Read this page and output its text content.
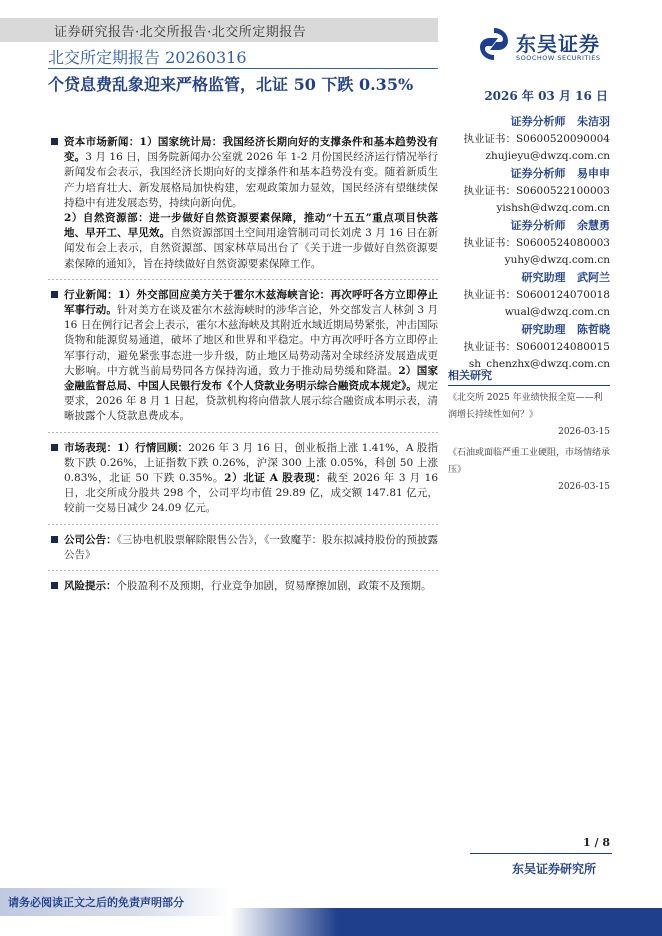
证券研究报告·北交所报告·北交所定期报告
北交所定期报告 20260316
东吴证券
SOOCHOW SECURITIES
个贷息费乱象迎来严格监管，北证 50 下跌 0.35%
2026 年 03 月 16 日
资本市场新闻：1）国家统计局：我国经济长期向好的支撑条件和基本趋势没有变。3 月 16 日，国务院新闻办公室就 2026 年 1-2 月份国民经济运行情况举行新闻发布会表示，我国经济长期向好的支撑条件和基本趋势没有变。随着新质生产力培育壮大、新发展格局加快构建，宏观政策加力显效，国民经济有望继续保持稳中有进发展态势，持续向新向优。
2）自然资源部：进一步做好自然资源要素保障，推动“十五五”重点项目快落地、早开工、早见效。自然资源部国土空间用途管制司司长刘虎 3 月 16 日在新闻发布会上表示，自然资源部、国家林草局出台了《关于进一步做好自然资源要素保障的通知》，旨在持续做好自然资源要素保障工作。
行业新闻：1）外交部回应美方关于霍尔木兹海峡言论：再次呼吁各方立即停止军事行动。针对美方在谈及霍尔木兹海峡时的涉华言论，外交部发言人林剑 3 月 16 日在例行记者会上表示，霍尔木兹海峡及其附近水域近期局势紧张，冲击国际货物和能源贸易通道，破坏了地区和世界和平稳定。中方再次呼吁各方立即停止军事行动，避免紧张事态进一步升级，防止地区局势动荡对全球经济发展造成更大影响。中方就当前局势同各方保持沟通，致力于推动局势缓和降温。2）国家金融监督总局、中国人民银行发布《个人贷款业务明示综合融资成本规定》。规定要求，2026 年 8 月 1 日起，贷款机构将向借款人展示综合融资成本明示表，清晰披露个人贷款息费成本。
市场表现：1）行情回顾：2026 年 3 月 16 日，创业板指上涨 1.41%，A 股指数下跌 0.26%，上证指数下跌 0.26%，沪深 300 上涨 0.05%，科创 50 上涨 0.83%，北证 50 下跌 0.35%。2）北证 A 股表现：截至 2026 年 3 月 16 日，北交所成分股共 298 个，公司平均市值 29.89 亿，成交额 147.81 亿元，较前一交易日减少 24.09 亿元。
公司公告：《三协电机股票解除限售公告》，《一致魔芋：股东拟减持股份的预披露公告》
风险提示：个股盈利不及预期，行业竞争加剧，贸易摩擦加剧，政策不及预期。
证券分析师 朱洁羽
执业证书：S0600520090004
zhujieyu@dwzq.com.cn
证券分析师 易申申
执业证书：S0600522100003
yishsh@dwzq.com.cn
证券分析师 余慧勇
执业证书：S0600524080003
yuhy@dwzq.com.cn
研究助理 武阿兰
执业证书：S0600124070018
wual@dwzq.com.cn
研究助理 陈哲晓
执业证书：S0600124080015
sh_chenzhx@dwzq.com.cn
相关研究
《北交所 2025 年业绩快报全览——利润增长持续性如何？》
2026-03-15
《石油或面临严重工业硬阻，市场情绪承压》
2026-03-15
1 / 8
东吴证券研究所
请务必阅读正文之后的免责声明部分
